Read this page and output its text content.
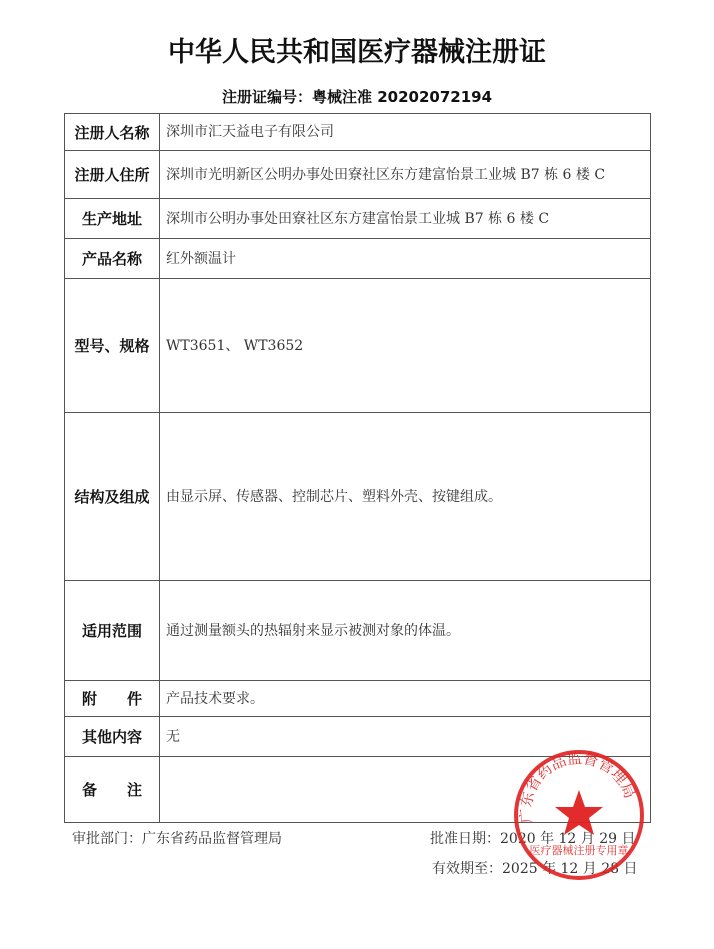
中华人民共和国医疗器械注册证
注册证编号：粤械注准 20202072194
注册人名称	深圳市汇天益电子有限公司
注册人住所	深圳市光明新区公明办事处田寮社区东方建富怡景工业城 B7 栋 6 楼 C
生产地址	深圳市公明办事处田寮社区东方建富怡景工业城 B7 栋 6 楼 C
产品名称	红外额温计
型号、规格	WT3651、 WT3652
结构及组成	由显示屏、传感器、控制芯片、塑料外壳、按键组成。
适用范围	通过测量额头的热辐射来显示被测对象的体温。
附　　件	产品技术要求。
其他内容	无
备　　注	
审批部门：广东省药品监督管理局	批准日期：2020 年 12 月 29 日
有效期至：2025 年 12 月 28 日
广东省药品监督管理局
医疗器械注册专用章
